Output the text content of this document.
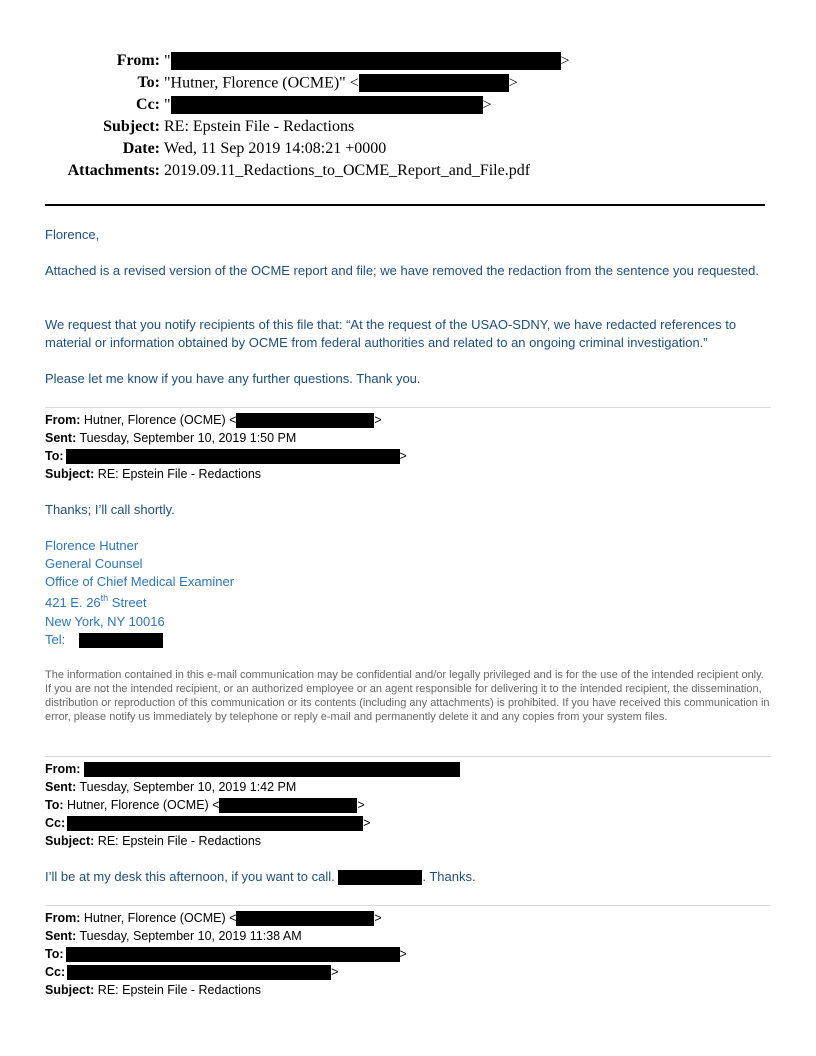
From: "	>
To: "Hutner, Florence (OCME)" <	>
Cc: "	>
Subject: RE: Epstein File - Redactions
Date: Wed, 11 Sep 2019 14:08:21 +0000
Attachments: 2019.09.11_Redactions_to_OCME_Report_and_File.pdf
Florence,
Attached is a revised version of the OCME report and file; we have removed the redaction from the sentence you requested.
We request that you notify recipients of this file that: “At the request of the USAO-SDNY, we have redacted references to material or information obtained by OCME from federal authorities and related to an ongoing criminal investigation.”
Please let me know if you have any further questions. Thank you.
From: Hutner, Florence (OCME) <	>
Sent: Tuesday, September 10, 2019 1:50 PM
To:	>
Subject: RE: Epstein File - Redactions
Thanks; I’ll call shortly.
Florence Hutner
General Counsel
Office of Chief Medical Examiner
421 E. 26th Street
New York, NY 10016
Tel:
The information contained in this e-mail communication may be confidential and/or legally privileged and is for the use of the intended recipient only. If you are not the intended recipient, or an authorized employee or an agent responsible for delivering it to the intended recipient, the dissemination, distribution or reproduction of this communication or its contents (including any attachments) is prohibited. If you have received this communication in error, please notify us immediately by telephone or reply e-mail and permanently delete it and any copies from your system files.
From:
Sent: Tuesday, September 10, 2019 1:42 PM
To: Hutner, Florence (OCME) <	>
Cc:	>
Subject: RE: Epstein File - Redactions
I’ll be at my desk this afternoon, if you want to call.	. Thanks.
From: Hutner, Florence (OCME) <	>
Sent: Tuesday, September 10, 2019 11:38 AM
To:	>
Cc:	>
Subject: RE: Epstein File - Redactions
